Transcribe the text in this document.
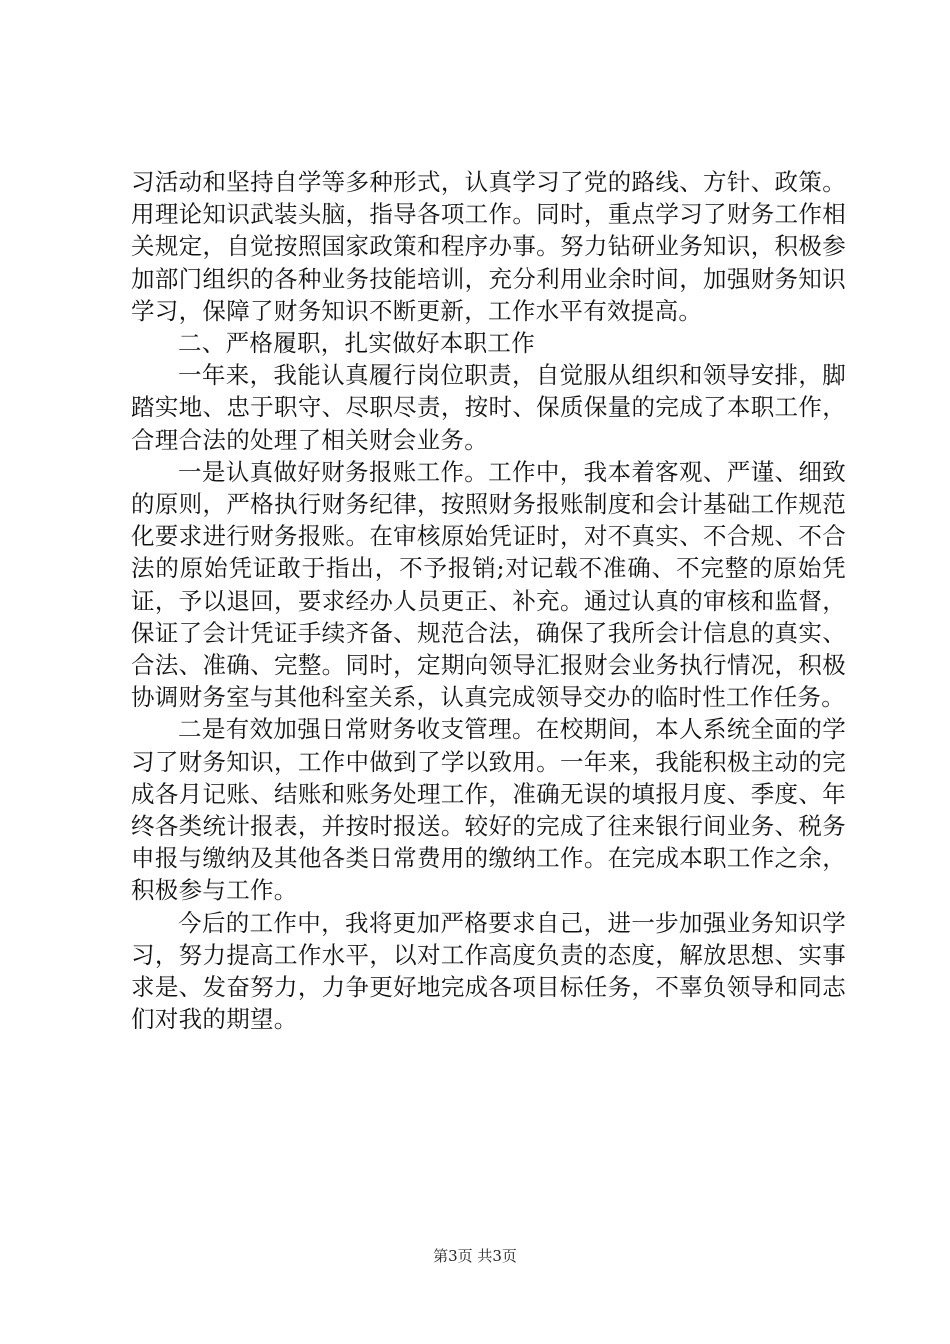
习活动和坚持自学等多种形式，认真学习了党的路线、方针、政策。用理论知识武装头脑，指导各项工作。同时，重点学习了财务工作相关规定，自觉按照国家政策和程序办事。努力钻研业务知识，积极参加部门组织的各种业务技能培训，充分利用业余时间，加强财务知识学习，保障了财务知识不断更新，工作水平有效提高。

二、严格履职，扎实做好本职工作

一年来，我能认真履行岗位职责，自觉服从组织和领导安排，脚踏实地、忠于职守、尽职尽责，按时、保质保量的完成了本职工作，合理合法的处理了相关财会业务。

一是认真做好财务报账工作。工作中，我本着客观、严谨、细致的原则，严格执行财务纪律，按照财务报账制度和会计基础工作规范化要求进行财务报账。在审核原始凭证时，对不真实、不合规、不合法的原始凭证敢于指出，不予报销;对记载不准确、不完整的原始凭证，予以退回，要求经办人员更正、补充。通过认真的审核和监督，保证了会计凭证手续齐备、规范合法，确保了我所会计信息的真实、合法、准确、完整。同时，定期向领导汇报财会业务执行情况，积极协调财务室与其他科室关系，认真完成领导交办的临时性工作任务。

二是有效加强日常财务收支管理。在校期间，本人系统全面的学习了财务知识，工作中做到了学以致用。一年来，我能积极主动的完成各月记账、结账和账务处理工作，准确无误的填报月度、季度、年终各类统计报表，并按时报送。较好的完成了往来银行间业务、税务申报与缴纳及其他各类日常费用的缴纳工作。在完成本职工作之余，积极参与工作。

今后的工作中，我将更加严格要求自己，进一步加强业务知识学习，努力提高工作水平，以对工作高度负责的态度，解放思想、实事求是、发奋努力，力争更好地完成各项目标任务，不辜负领导和同志们对我的期望。

第3页 共3页
